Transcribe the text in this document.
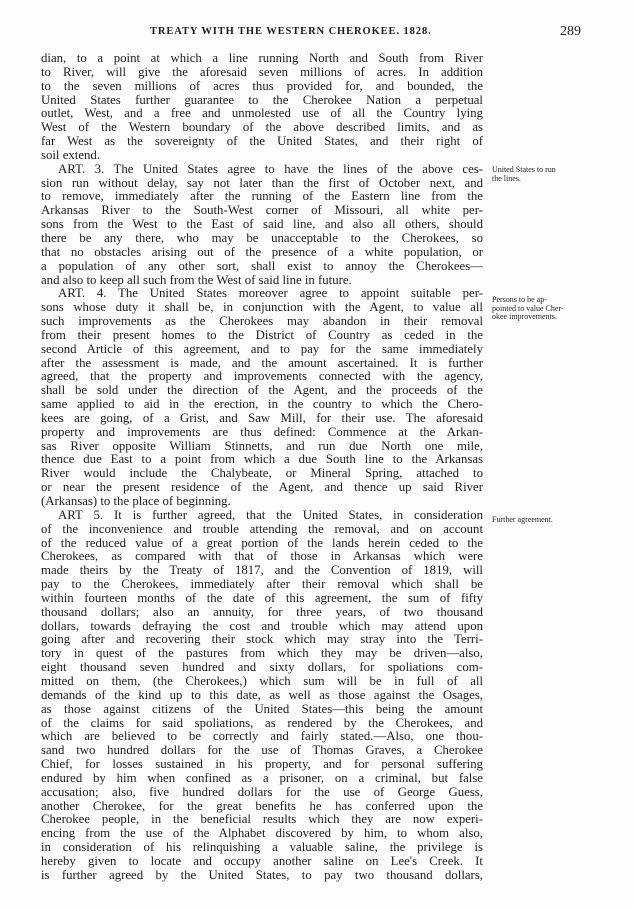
TREATY WITH THE WESTERN CHEROKEE. 1828.	289
dian, to a point at which a line running North and South from River
to River, will give the aforesaid seven millions of acres. In addition
to the seven millions of acres thus provided for, and bounded, the
United States further guarantee to the Cherokee Nation a perpetual
outlet, West, and a free and unmolested use of all the Country lying
West of the Western boundary of the above described limits, and as
far West as the sovereignty of the United States, and their right of
soil extend.
ART. 3. The United States agree to have the lines of the above ces-
sion run without delay, say not later than the first of October next, and
to remove, immediately after the running of the Eastern line from the
Arkansas River to the South-West corner of Missouri, all white per-
sons from the West to the East of said line, and also all others, should
there be any there, who may be unacceptable to the Cherokees, so
that no obstacles arising out of the presence of a white population, or
a population of any other sort, shall exist to annoy the Cherokees—
and also to keep all such from the West of said line in future.
ART. 4. The United States moreover agree to appoint suitable per-
sons whose duty it shall be, in conjunction with the Agent, to value all
such improvements as the Cherokees may abandon in their removal
from their present homes to the District of Country as ceded in the
second Article of this agreement, and to pay for the same immediately
after the assessment is made, and the amount ascertained. It is further
agreed, that the property and improvements connected with the agency,
shall be sold under the direction of the Agent, and the proceeds of the
same applied to aid in the erection, in the country to which the Chero-
kees are going, of a Grist, and Saw Mill, for their use. The aforesaid
property and improvements are thus defined: Commence at the Arkan-
sas River opposite William Stinnetts, and run due North one mile,
thence due East to a point from which a due South line to the Arkansas
River would include the Chalybeate, or Mineral Spring, attached to
or near the present residence of the Agent, and thence up said River
(Arkansas) to the place of beginning.
ART 5. It is further agreed, that the United States, in consideration
of the inconvenience and trouble attending the removal, and on account
of the reduced value of a great portion of the lands herein ceded to the
Cherokees, as compared with that of those in Arkansas which were
made theirs by the Treaty of 1817, and the Convention of 1819, will
pay to the Cherokees, immediately after their removal which shall be
within fourteen months of the date of this agreement, the sum of fifty
thousand dollars; also an annuity, for three years, of two thousand
dollars, towards defraying the cost and trouble which may attend upon
going after and recovering their stock which may stray into the Terri-
tory in quest of the pastures from which they may be driven—also,
eight thousand seven hundred and sixty dollars, for spoliations com-
mitted on them, (the Cherokees,) which sum will be in full of all
demands of the kind up to this date, as well as those against the Osages,
as those against citizens of the United States—this being the amount
of the claims for said spoliations, as rendered by the Cherokees, and
which are believed to be correctly and fairly stated.—Also, one thou-
sand two hundred dollars for the use of Thomas Graves, a Cherokee
Chief, for losses sustained in his property, and for personal suffering
endured by him when confined as a prisoner, on a criminal, but false
accusation; also, five hundred dollars for the use of George Guess,
another Cherokee, for the great benefits he has conferred upon the
Cherokee people, in the beneficial results which they are now experi-
encing from the use of the Alphabet discovered by him, to whom also,
in consideration of his relinquishing a valuable saline, the privilege is
hereby given to locate and occupy another saline on Lee's Creek. It
is further agreed by the United States, to pay two thousand dollars,
United States to run
the lines.
Persons to be ap-
pointed to value Cher-
okee improvements.
Further agreement.
